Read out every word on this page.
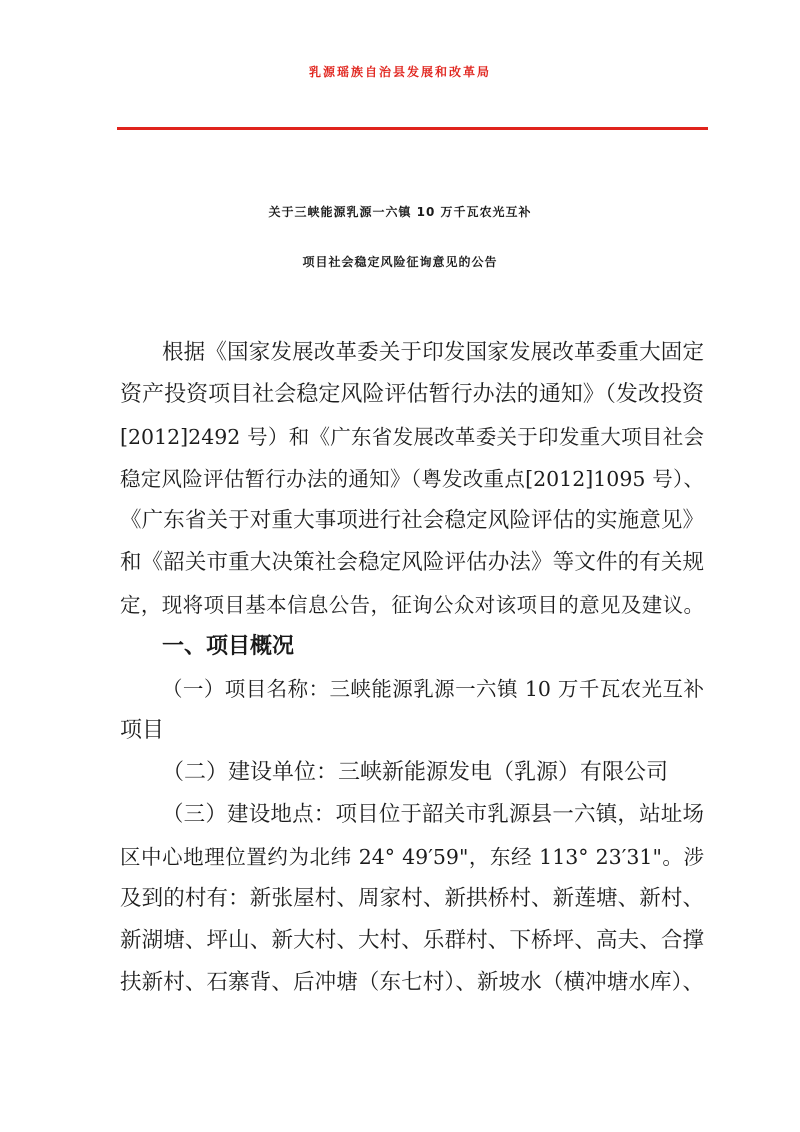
乳源瑶族自治县发展和改革局
关于三峡能源乳源一六镇 10 万千瓦农光互补
项目社会稳定风险征询意见的公告
根据《国家发展改革委关于印发国家发展改革委重大固定
资产投资项目社会稳定风险评估暂行办法的通知》（发改投资
[2012]2492 号）和《广东省发展改革委关于印发重大项目社会
稳定风险评估暂行办法的通知》（粤发改重点[2012]1095 号）、
《广东省关于对重大事项进行社会稳定风险评估的实施意见》
和《韶关市重大决策社会稳定风险评估办法》等文件的有关规
定，现将项目基本信息公告，征询公众对该项目的意见及建议。
一、项目概况
（一）项目名称：三峡能源乳源一六镇 10 万千瓦农光互补
项目
（二）建设单位：三峡新能源发电（乳源）有限公司
（三）建设地点：项目位于韶关市乳源县一六镇，站址场
区中心地理位置约为北纬 24° 49′59"，东经 113° 23′31"。涉
及到的村有：新张屋村、周家村、新拱桥村、新莲塘、新村、
新湖塘、坪山、新大村、大村、乐群村、下桥坪、高夫、合撑
扶新村、石寨背、后冲塘（东七村）、新坡水（横冲塘水库）、
